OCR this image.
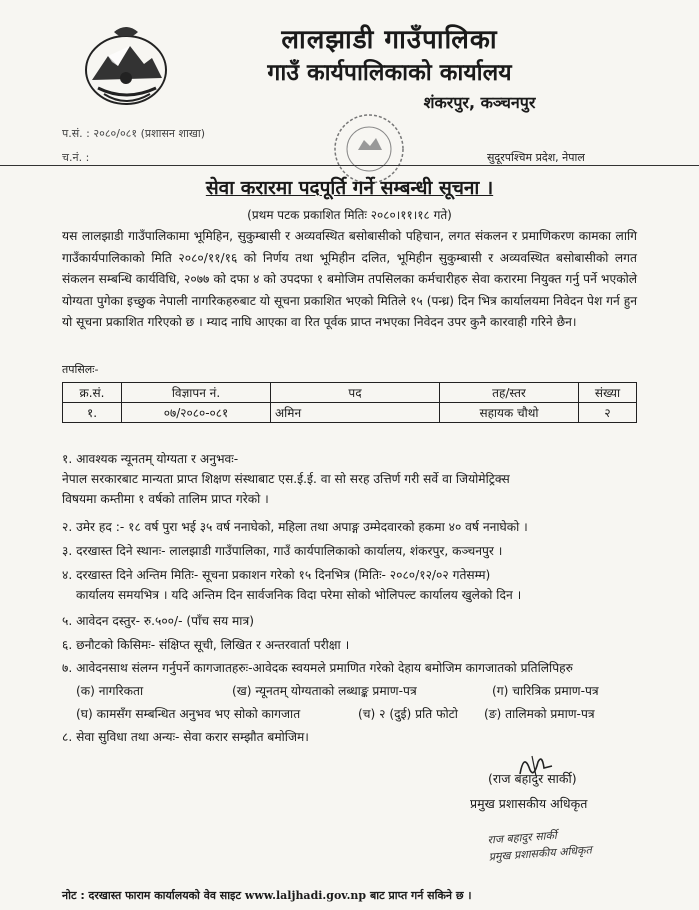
लालझाडी गाउँपालिका
गाउँ कार्यपालिकाको कार्यालय
शंकरपुर, कञ्चनपुर
प.सं. : २०८०/०८१ (प्रशासन शाखा)
च.नं. :	सुदूरपश्चिम प्रदेश, नेपाल
सेवा करारमा पदपूर्ति गर्ने सम्बन्धी सूचना ।
(प्रथम पटक प्रकाशित मितिः २०८०।११।१८ गते)
यस लालझाडी गाउँपालिकामा भूमिहिन, सुकुम्बासी र अव्यवस्थित बसोबासीको पहिचान, लगत संकलन र प्रमाणिकरण कामका लागि गाउँकार्यपालिकाको मिति २०८०/११/१६ को निर्णय तथा भूमिहीन दलित, भूमिहीन सुकुम्बासी र अव्यवस्थित बसोबासीको लगत संकलन सम्बन्धि कार्यविधि, २०७७ को दफा ४ को उपदफा १ बमोजिम तपसिलका कर्मचारीहरु सेवा करारमा नियुक्त गर्नु पर्ने भएकोले योग्यता पुगेका इच्छुक नेपाली नागरिकहरुबाट यो सूचना प्रकाशित भएको मितिले १५ (पन्ध्र) दिन भित्र कार्यालयमा निवेदन पेश गर्न हुन यो सूचना प्रकाशित गरिएको छ । म्याद नाघि आएका वा रित पूर्वक प्राप्त नभएका निवेदन उपर कुनै कारवाही गरिने छैन।
तपसिलः-
क्र.सं.	विज्ञापन नं.	पद	तह/स्तर	संख्या
१.	०७/२०८०-०८१	अमिन	सहायक चौथो	२
१. आवश्यक न्यूनतम् योग्यता र अनुभवः-
नेपाल सरकारबाट मान्यता प्राप्त शिक्षण संस्थाबाट एस.ई.ई. वा सो सरह उत्तिर्ण गरी सर्वे वा जियोमेट्रिक्स
विषयमा कम्तीमा १ वर्षको तालिम प्राप्त गरेको ।
२. उमेर हद :- १८ वर्ष पुरा भई ३५ वर्ष ननाघेको, महिला तथा अपाङ्ग उम्मेदवारको हकमा ४० वर्ष ननाघेको ।
३. दरखास्त दिने स्थानः- लालझाडी गाउँपालिका, गाउँ कार्यपालिकाको कार्यालय, शंकरपुर, कञ्चनपुर ।
४. दरखास्त दिने अन्तिम मितिः- सूचना प्रकाशन गरेको १५ दिनभित्र (मितिः- २०८०/१२/०२ गतेसम्म)
कार्यालय समयभित्र । यदि अन्तिम दिन सार्वजनिक विदा परेमा सोको भोलिपल्ट कार्यालय खुलेको दिन ।
५. आवेदन दस्तुर- रु.५००/- (पाँच सय मात्र)
६. छनौटको किसिमः- संक्षिप्त सूची, लिखित र अन्तरवार्ता परीक्षा ।
७. आवेदनसाथ संलग्न गर्नुपर्ने कागजातहरुः-आवेदक स्वयमले प्रमाणित गरेको देहाय बमोजिम कागजातको प्रतिलिपिहरु
(क) नागरिकता	(ख) न्यूनतम् योग्यताको लब्धाङ्क प्रमाण-पत्र	(ग) चारित्रिक प्रमाण-पत्र
(घ) कामसँग सम्बन्धित अनुभव भए सोको कागजात	(च) २ (दुई) प्रति फोटो (ङ) तालिमको प्रमाण-पत्र
८. सेवा सुविधा तथा अन्यः- सेवा करार सम्झौत बमोजिम।
(राज बहादुर सार्की)
प्रमुख प्रशासकीय अधिकृत
राज बहादुर सार्की
प्रमुख प्रशासकीय अधिकृत
नोट : दरखास्त फाराम कार्यालयको वेव साइट www.laljhadi.gov.np बाट प्राप्त गर्न सकिने छ ।
